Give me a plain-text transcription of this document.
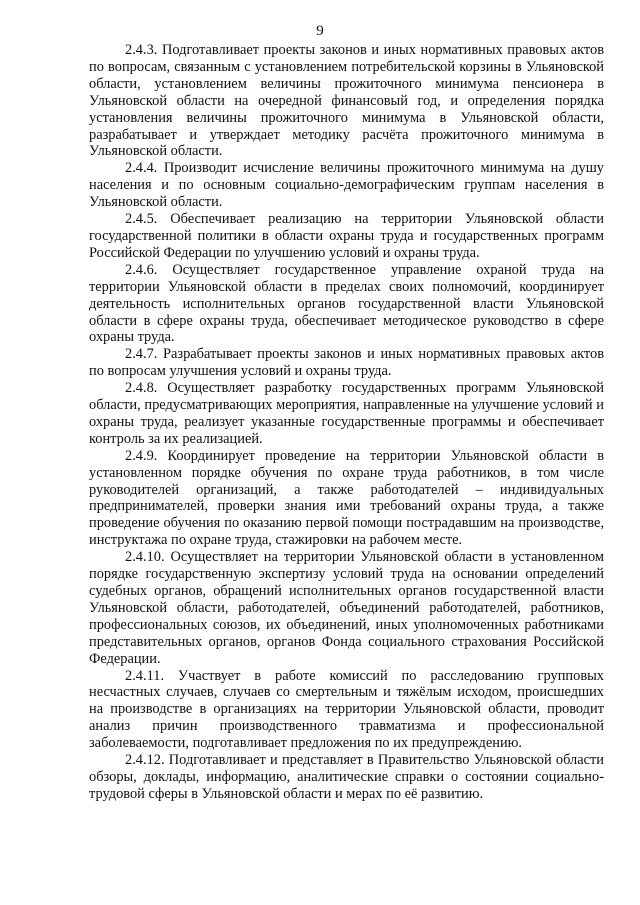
9

2.4.3. Подготавливает проекты законов и иных нормативных правовых актов по вопросам, связанным с установлением потребительской корзины в Ульяновской области, установлением величины прожиточного минимума пенсионера в Ульяновской области на очередной финансовый год, и определения порядка установления величины прожиточного минимума в Ульяновской области, разрабатывает и утверждает методику расчёта прожиточного минимума в Ульяновской области.

2.4.4. Производит исчисление величины прожиточного минимума на душу населения и по основным социально-демографическим группам населения в Ульяновской области.

2.4.5. Обеспечивает реализацию на территории Ульяновской области государственной политики в области охраны труда и государственных программ Российской Федерации по улучшению условий и охраны труда.

2.4.6. Осуществляет государственное управление охраной труда на территории Ульяновской области в пределах своих полномочий, координирует деятельность исполнительных органов государственной власти Ульяновской области в сфере охраны труда, обеспечивает методическое руководство в сфере охраны труда.

2.4.7. Разрабатывает проекты законов и иных нормативных правовых актов по вопросам улучшения условий и охраны труда.

2.4.8. Осуществляет разработку государственных программ Ульяновской области, предусматривающих мероприятия, направленные на улучшение условий и охраны труда, реализует указанные государственные программы и обеспечивает контроль за их реализацией.

2.4.9. Координирует проведение на территории Ульяновской области в установленном порядке обучения по охране труда работников, в том числе руководителей организаций, а также работодателей – индивидуальных предпринимателей, проверки знания ими требований охраны труда, а также проведение обучения по оказанию первой помощи пострадавшим на производстве, инструктажа по охране труда, стажировки на рабочем месте.

2.4.10. Осуществляет на территории Ульяновской области в установленном порядке государственную экспертизу условий труда на основании определений судебных органов, обращений исполнительных органов государственной власти Ульяновской области, работодателей, объединений работодателей, работников, профессиональных союзов, их объединений, иных уполномоченных работниками представительных органов, органов Фонда социального страхования Российской Федерации.

2.4.11. Участвует в работе комиссий по расследованию групповых несчастных случаев, случаев со смертельным и тяжёлым исходом, происшедших на производстве в организациях на территории Ульяновской области, проводит анализ причин производственного травматизма и профессиональной заболеваемости, подготавливает предложения по их предупреждению.

2.4.12. Подготавливает и представляет в Правительство Ульяновской области обзоры, доклады, информацию, аналитические справки о состоянии социально-трудовой сферы в Ульяновской области и мерах по её развитию.
